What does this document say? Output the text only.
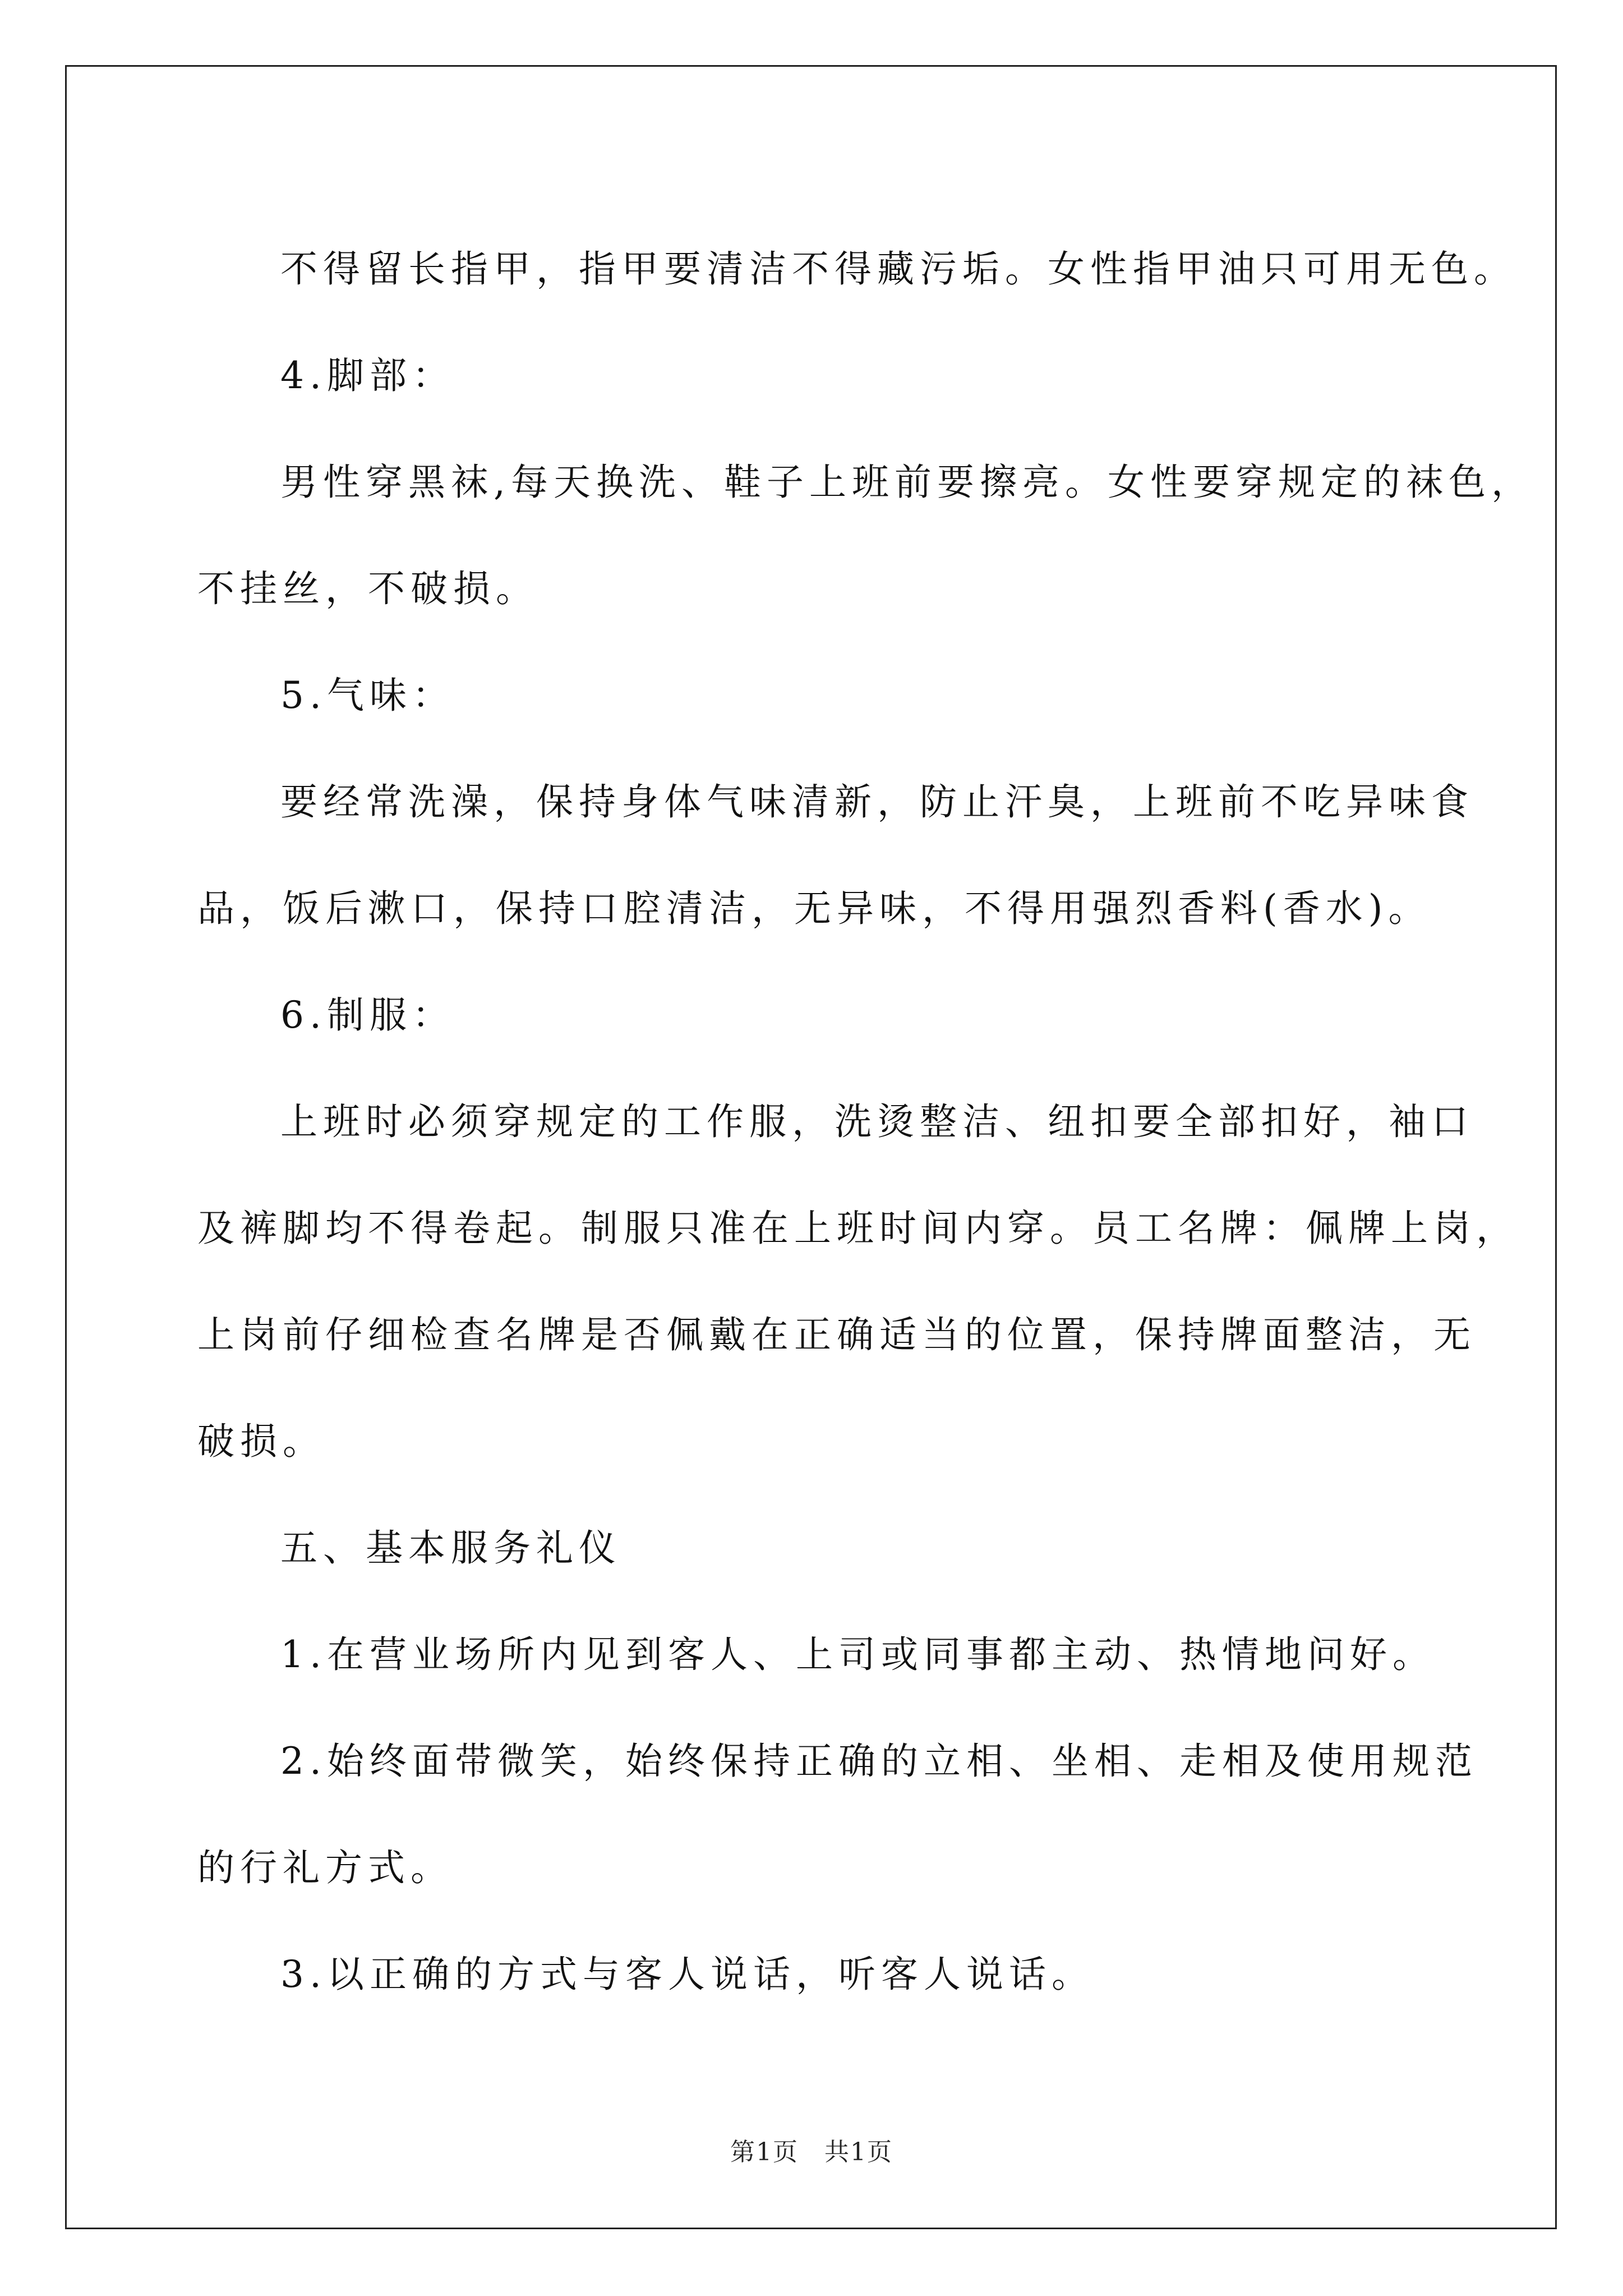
不得留长指甲，指甲要清洁不得藏污垢。女性指甲油只可用无色。

4.脚部：

男性穿黑袜,每天换洗、鞋子上班前要擦亮。女性要穿规定的袜色，
不挂丝，不破损。

5.气味：

要经常洗澡，保持身体气味清新，防止汗臭，上班前不吃异味食
品，饭后漱口，保持口腔清洁，无异味，不得用强烈香料(香水)。

6.制服：

上班时必须穿规定的工作服，洗烫整洁、纽扣要全部扣好，袖口
及裤脚均不得卷起。制服只准在上班时间内穿。员工名牌：佩牌上岗，
上岗前仔细检查名牌是否佩戴在正确适当的位置，保持牌面整洁，无
破损。

五、基本服务礼仪

1.在营业场所内见到客人、上司或同事都主动、热情地问好。

2.始终面带微笑，始终保持正确的立相、坐相、走相及使用规范
的行礼方式。

3.以正确的方式与客人说话，听客人说话。

第1页　共1页
